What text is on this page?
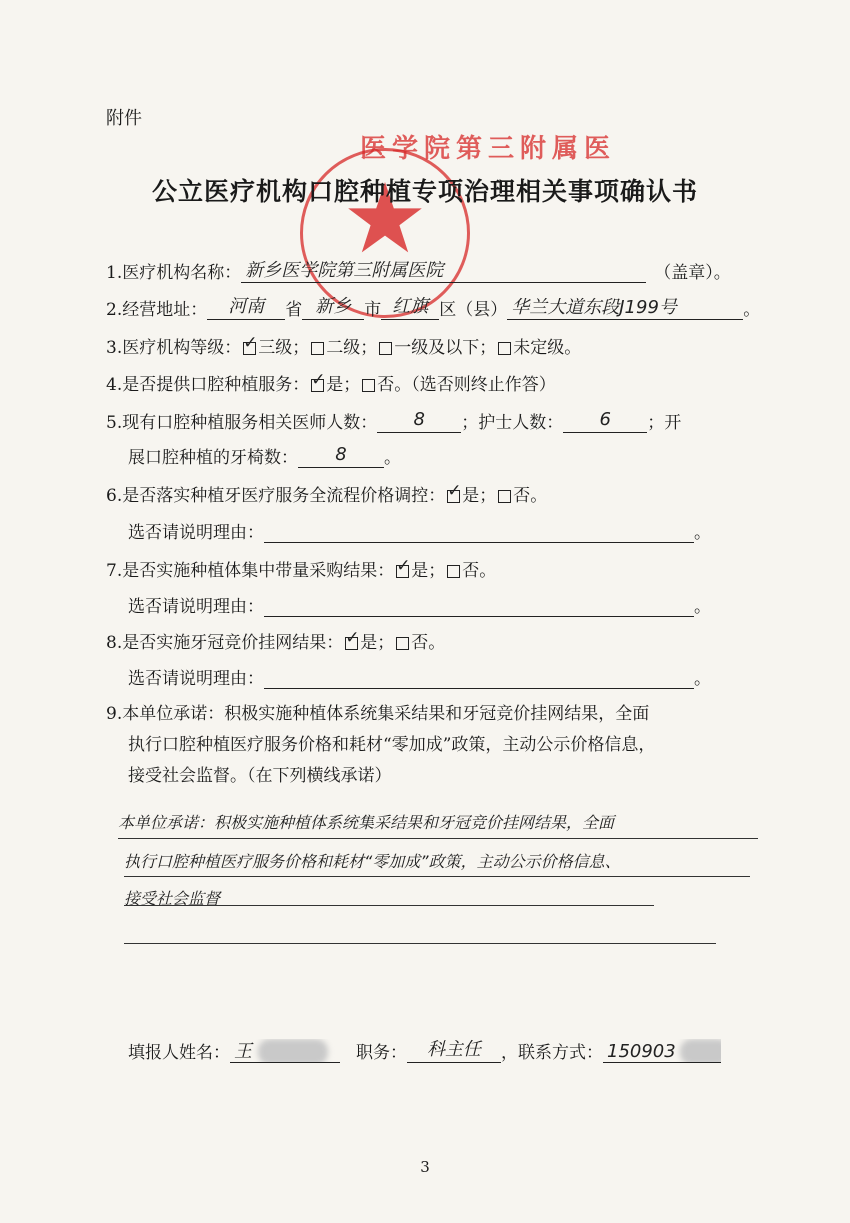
附件
医学院第三附属医
公立医疗机构口腔种植专项治理相关事项确认书
1.医疗机构名称： 新乡医学院第三附属医院	（盖章）。
2.经营地址： 河南 省 新乡 市 红旗 区（县） 华兰大道东段J199号	。
3.医疗机构等级： ✓ 三级； 二级； 一级及以下； 未定级。
4.是否提供口腔种植服务： ✓ 是； 否。（选否则终止作答）
5.现有口腔种植服务相关医师人数： 8 ；护士人数： 6 ；开
展口腔种植的牙椅数： 8 。
6.是否落实种植牙医疗服务全流程价格调控： ✓ 是； 否。
选否请说明理由：	。
7.是否实施种植体集中带量采购结果： ✓ 是； 否。
选否请说明理由：	。
8.是否实施牙冠竞价挂网结果： ✓ 是； 否。
选否请说明理由：	。
9.本单位承诺：积极实施种植体系统集采结果和牙冠竞价挂网结果，全面
执行口腔种植医疗服务价格和耗材“零加成”政策，主动公示价格信息，
接受社会监督。（在下列横线承诺）
本单位承诺：积极实施种植体系统集采结果和牙冠竞价挂网结果，全面
执行口腔种植医疗服务价格和耗材“零加成”政策，主动公示价格信息、
接受社会监督
填报人姓名： 王	职务： 科主任 ，联系方式： 150903
3
